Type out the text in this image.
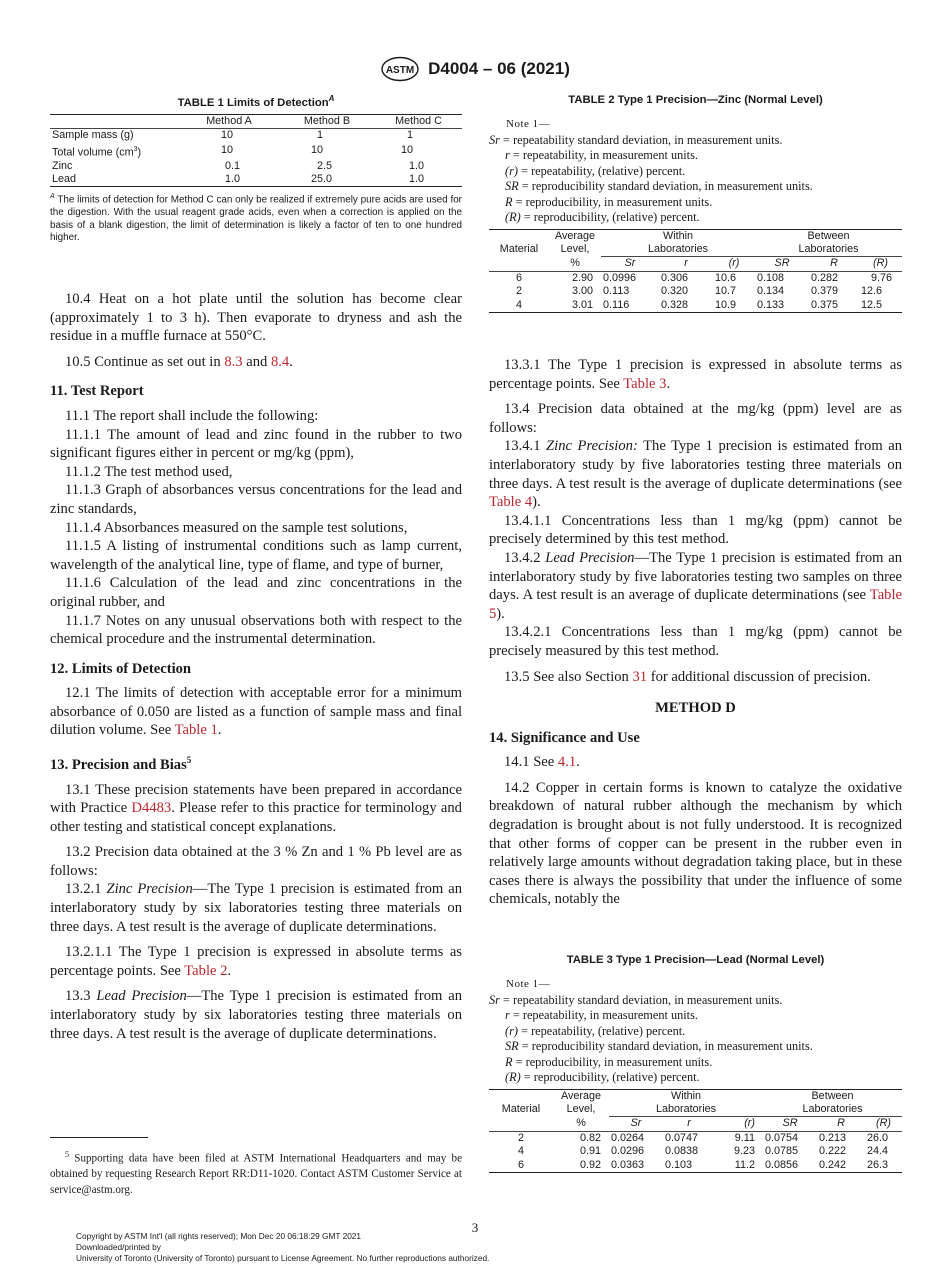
ASTM D4004 – 06 (2021)
TABLE 1 Limits of Detection$^A$
	Method A	Method B	Method C
Sample mass (g)	10	1	1
Total volume $(cm^3)$	10	10	10
Zinc	0.1	2.5	1.0
Lead	1.0	25.0	1.0
$^A$ The limits of detection for Method C can only be realized if extremely pure acids are used for the digestion. With the usual reagent grade acids, even when a correction is applied on the basis of a blank digestion, the limit of determination is likely a factor of ten to one hundred higher.

10.4 Heat on a hot plate until the solution has become clear (approximately 1 to 3 h). Then evaporate to dryness and ash the residue in a muffle furnace at 550°C.

10.5 Continue as set out in 8.3 and 8.4.

11. Test Report

11.1 The report shall include the following:

11.1.1 The amount of lead and zinc found in the rubber to two significant figures either in percent or mg/kg (ppm),

11.1.2 The test method used,

11.1.3 Graph of absorbances versus concentrations for the lead and zinc standards,

11.1.4 Absorbances measured on the sample test solutions,

11.1.5 A listing of instrumental conditions such as lamp current, wavelength of the analytical line, type of flame, and type of burner,

11.1.6 Calculation of the lead and zinc concentrations in the original rubber, and

11.1.7 Notes on any unusual observations both with respect to the chemical procedure and the instrumental determination.

12. Limits of Detection

12.1 The limits of detection with acceptable error for a minimum absorbance of 0.050 are listed as a function of sample mass and final dilution volume. See Table 1.

13. Precision and Bias$^5$

13.1 These precision statements have been prepared in accordance with Practice D4483. Please refer to this practice for terminology and other testing and statistical concept explanations.

13.2 Precision data obtained at the 3 % Zn and 1 % Pb level are as follows:

13.2.1 Zinc Precision—The Type 1 precision is estimated from an interlaboratory study by six laboratories testing three materials on three days. A test result is the average of duplicate determinations.

13.2.1.1 The Type 1 precision is expressed in absolute terms as percentage points. See Table 2.

13.3 Lead Precision—The Type 1 precision is estimated from an interlaboratory study by six laboratories testing three materials on three days. A test result is the average of duplicate determinations.

$^5$ Supporting data have been filed at ASTM International Headquarters and may be obtained by requesting Research Report RR:D11-1020. Contact ASTM Customer Service at service@astm.org.
TABLE 2 Type 1 Precision—Zinc (Normal Level)
Note 1—
Sr = repeatability standard deviation, in measurement units.
r = repeatability, in measurement units.
(r) = repeatability, (relative) percent.
SR = reproducibility standard deviation, in measurement units.
R = reproducibility, in measurement units.
(R) = reproducibility, (relative) percent.
Material	Average	Within			Between		
	Level,	Laboratories			Laboratories		
	%	Sr	r	(r)	SR	R	(R)
6	2.90	0.0996	0.306	10.6	0.108	0.282	9.76
2	3.00	0.113	0.320	10.7	0.134	0.379	12.6
4	3.01	0.116	0.328	10.9	0.133	0.375	12.5

13.3.1 The Type 1 precision is expressed in absolute terms as percentage points. See Table 3.

13.4 Precision data obtained at the mg/kg (ppm) level are as follows:

13.4.1 Zinc Precision: The Type 1 precision is estimated from an interlaboratory study by five laboratories testing three materials on three days. A test result is the average of duplicate determinations (see Table 4).

13.4.1.1 Concentrations less than 1 mg/kg (ppm) cannot be precisely determined by this test method.

13.4.2 Lead Precision—The Type 1 precision is estimated from an interlaboratory study by five laboratories testing two samples on three days. A test result is an average of duplicate determinations (see Table 5).

13.4.2.1 Concentrations less than 1 mg/kg (ppm) cannot be precisely measured by this test method.

13.5 See also Section 31 for additional discussion of precision.

METHOD D
14. Significance and Use

14.1 See 4.1.

14.2 Copper in certain forms is known to catalyze the oxidative breakdown of natural rubber although the mechanism by which degradation is brought about is not fully understood. It is recognized that other forms of copper can be present in the rubber even in relatively large amounts without degradation taking place, but in these cases there is always the possibility that under the influence of some chemicals, notably the

TABLE 3 Type 1 Precision—Lead (Normal Level)
Note 1—
Sr = repeatability standard deviation, in measurement units.
r = repeatability, in measurement units.
(r) = repeatability, (relative) percent.
SR = reproducibility standard deviation, in measurement units.
R = reproducibility, in measurement units.
(R) = reproducibility, (relative) percent.
Material	Average	Within			Between		
	Level,	Laboratories			Laboratories		
	%	Sr	r	(r)	SR	R	(R)
2	0.82	0.0264	0.0747	9.11	0.0754	0.213	26.0
4	0.91	0.0296	0.0838	9.23	0.0785	0.222	24.4
6	0.92	0.0363	0.103	11.2	0.0856	0.242	26.3
3
Copyright by ASTM Int'l (all rights reserved); Mon Dec 20 06:18:29 GMT 2021
Downloaded/printed by
University of Toronto (University of Toronto) pursuant to License Agreement. No further reproductions authorized.
